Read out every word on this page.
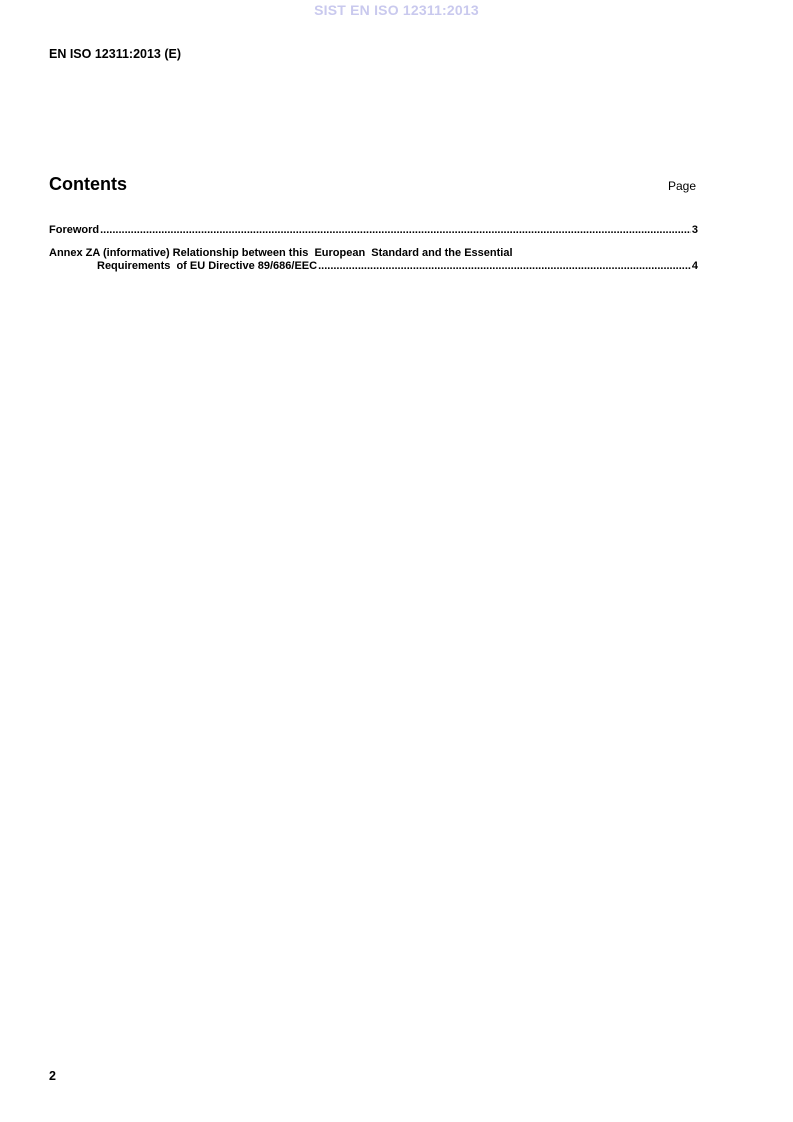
SIST EN ISO 12311:2013
EN ISO 12311:2013 (E)
Contents	Page
Foreword .....	3
Annex ZA (informative) Relationship between this  European  Standard and the Essential
Requirements  of EU Directive 89/686/EEC .....	4
2
